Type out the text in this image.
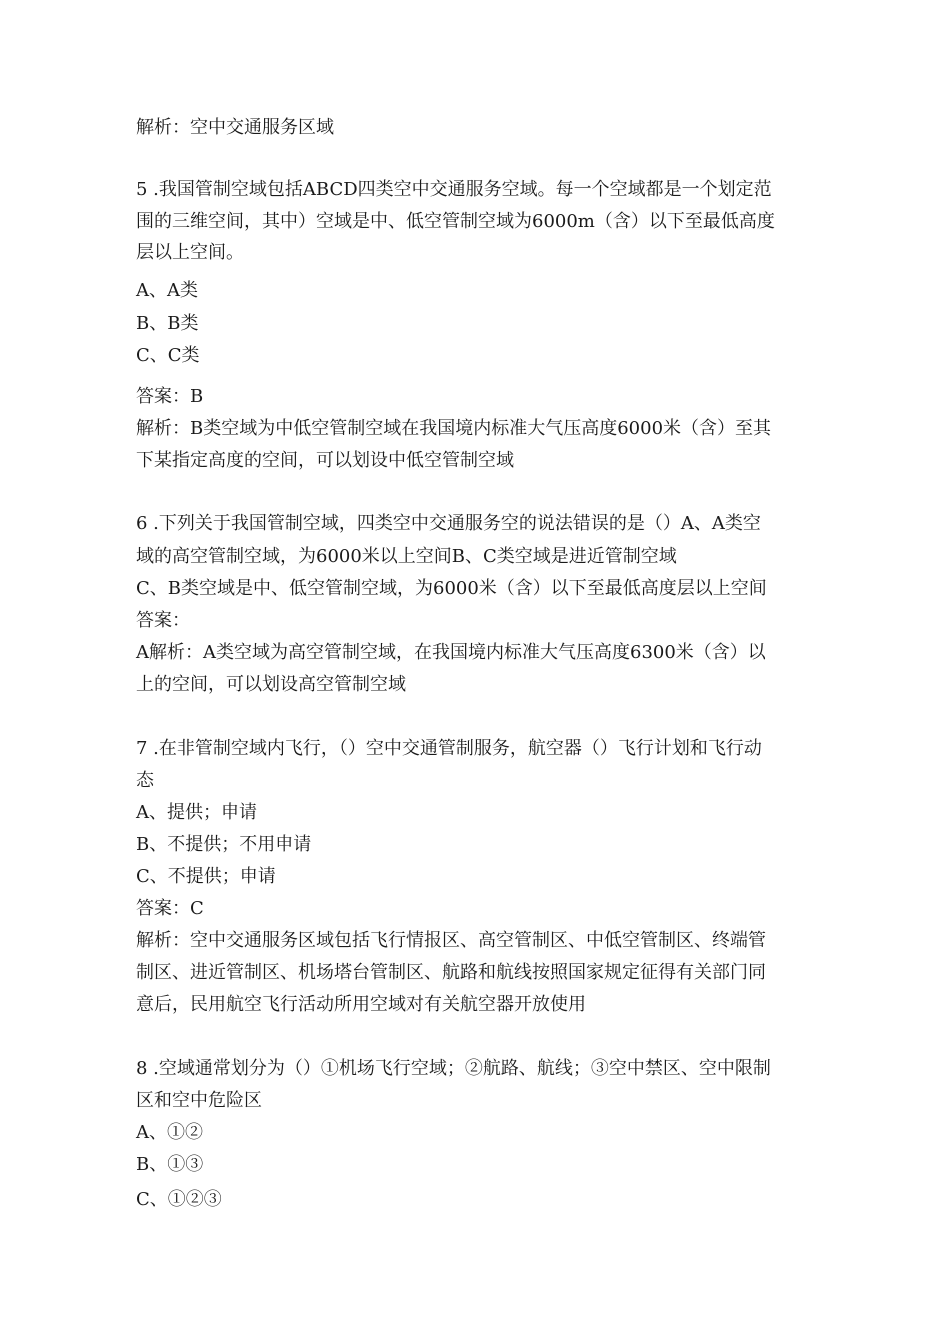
解析：空中交通服务区域
5 .我国管制空域包括ABCD四类空中交通服务空域。每一个空域都是一个划定范
围的三维空间，其中）空域是中、低空管制空域为6000m（含）以下至最低高度
层以上空间。
A、A类
B、B类
C、C类
答案：B
解析：B类空域为中低空管制空域在我国境内标准大气压高度6000米（含）至其
下某指定高度的空间，可以划设中低空管制空域
6 .下列关于我国管制空域，四类空中交通服务空的说法错误的是（）A、A类空
域的高空管制空域，为6000米以上空间B、C类空域是进近管制空域
C、B类空域是中、低空管制空域，为6000米（含）以下至最低高度层以上空间
答案：
A解析：A类空域为高空管制空域，在我国境内标准大气压高度6300米（含）以
上的空间，可以划设高空管制空域
7 .在非管制空域内飞行，（）空中交通管制服务，航空器（）飞行计划和飞行动
态
A、提供；申请
B、不提供；不用申请
C、不提供；申请
答案：C
解析：空中交通服务区域包括飞行情报区、高空管制区、中低空管制区、终端管
制区、进近管制区、机场塔台管制区、航路和航线按照国家规定征得有关部门同
意后，民用航空飞行活动所用空域对有关航空器开放使用
8 .空域通常划分为（）①机场飞行空域；②航路、航线；③空中禁区、空中限制
区和空中危险区
A、①②
B、①③
C、①②③
